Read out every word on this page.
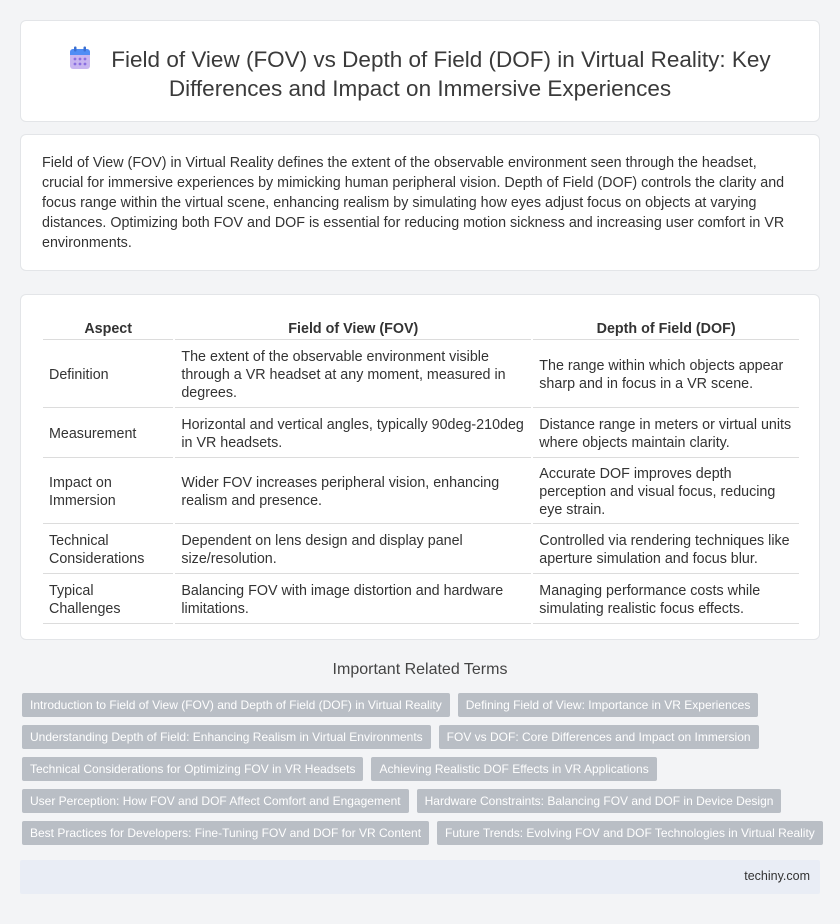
Field of View (FOV) vs Depth of Field (DOF) in Virtual Reality: Key Differences and Impact on Immersive Experiences

Field of View (FOV) in Virtual Reality defines the extent of the observable environment seen through the headset, crucial for immersive experiences by mimicking human peripheral vision. Depth of Field (DOF) controls the clarity and focus range within the virtual scene, enhancing realism by simulating how eyes adjust focus on objects at varying distances. Optimizing both FOV and DOF is essential for reducing motion sickness and increasing user comfort in VR environments.

Aspect	Field of View (FOV)	Depth of Field (DOF)
Definition	The extent of the observable environment visible through a VR headset at any moment, measured in degrees.	The range within which objects appear sharp and in focus in a VR scene.
Measurement	Horizontal and vertical angles, typically 90deg-210deg in VR headsets.	Distance range in meters or virtual units where objects maintain clarity.
Impact on Immersion	Wider FOV increases peripheral vision, enhancing realism and presence.	Accurate DOF improves depth perception and visual focus, reducing eye strain.
Technical Considerations	Dependent on lens design and display panel size/resolution.	Controlled via rendering techniques like aperture simulation and focus blur.
Typical Challenges	Balancing FOV with image distortion and hardware limitations.	Managing performance costs while simulating realistic focus effects.
Important Related Terms
Introduction to Field of View (FOV) and Depth of Field (DOF) in Virtual Reality Defining Field of View: Importance in VR Experiences
Understanding Depth of Field: Enhancing Realism in Virtual Environments FOV vs DOF: Core Differences and Impact on Immersion
Technical Considerations for Optimizing FOV in VR Headsets Achieving Realistic DOF Effects in VR Applications
User Perception: How FOV and DOF Affect Comfort and Engagement Hardware Constraints: Balancing FOV and DOF in Device Design
Best Practices for Developers: Fine-Tuning FOV and DOF for VR Content Future Trends: Evolving FOV and DOF Technologies in Virtual Reality
techiny.com
